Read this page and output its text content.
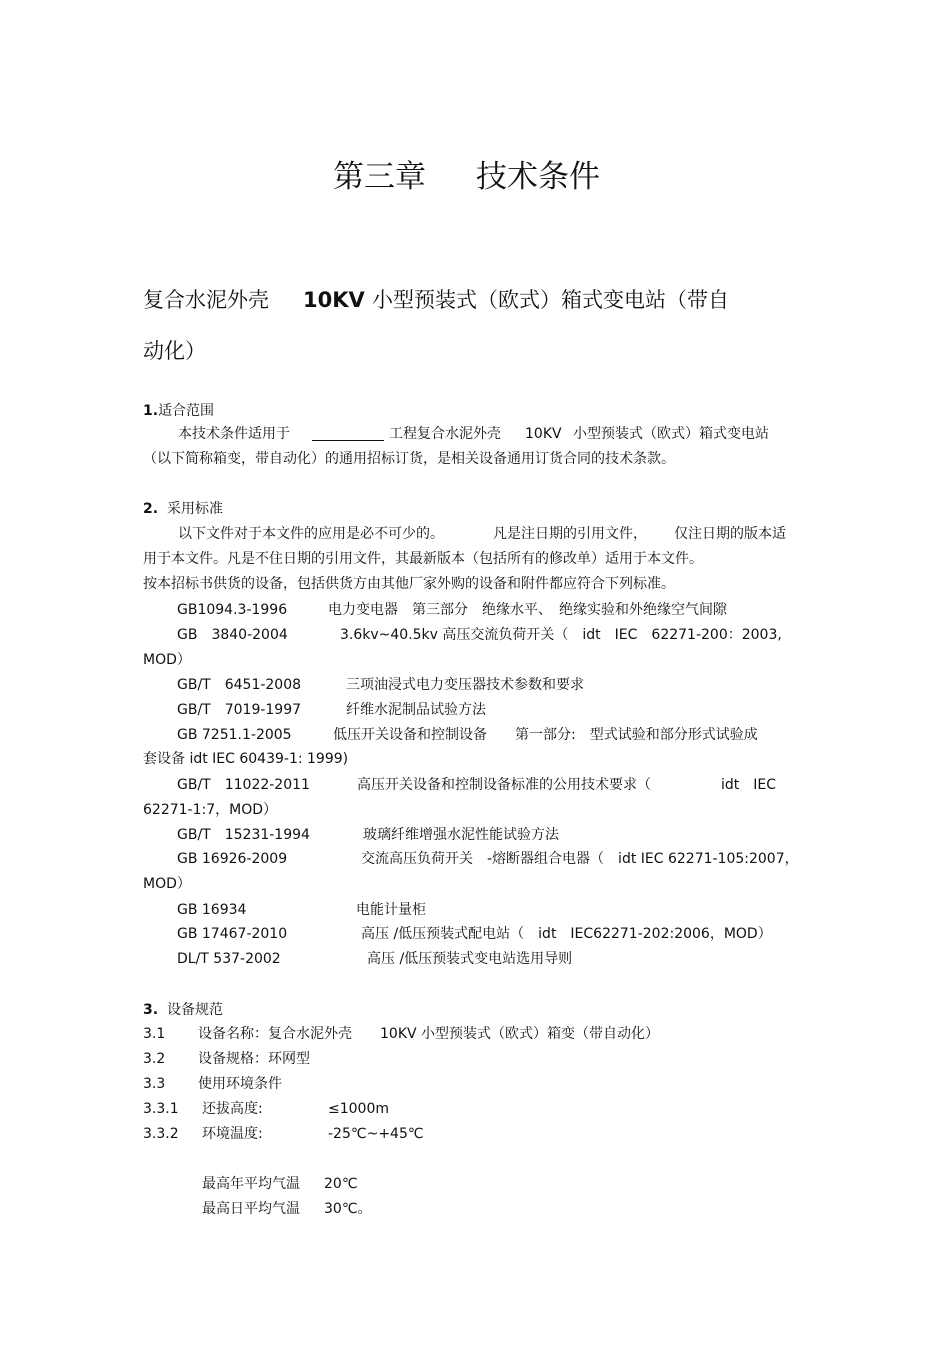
第三章 技术条件
复合水泥外壳 10KV 小型预装式（欧式）箱式变电站（带自
动化）
1.适合范围
本技术条件适用于	工程复合水泥外壳 10KV 小型预装式（欧式）箱式变电站
（以下简称箱变，带自动化）的通用招标订货，是相关设备通用订货合同的技术条款。
2. 采用标准
以下文件对于本文件的应用是必不可少的。	凡是注日期的引用文件， 仅注日期的版本适
用于本文件。凡是不住日期的引用文件，其最新版本（包括所有的修改单）适用于本文件。
按本招标书供货的设备，包括供货方由其他厂家外购的设备和附件都应符合下列标准。
GB1094.3-1996	电力变电器　第三部分　绝缘水平、　绝缘实验和外绝缘空气间隙
GB　3840-2004	3.6kv~40.5kv 高压交流负荷开关（　idt　IEC　62271-200：2003,
MOD）
GB/T　6451-2008	三项油浸式电力变压器技术参数和要求
GB/T　7019-1997	纤维水泥制品试验方法
GB 7251.1-2005	低压开关设备和控制设备　　第一部分:　型式试验和部分形式试验成
套设备 idt IEC 60439-1: 1999)
GB/T　11022-2011	高压开关设备和控制设备标准的公用技术要求（　　　　　idt　IEC
62271-1:7，MOD）
GB/T　15231-1994	玻璃纤维增强水泥性能试验方法
GB 16926-2009	交流高压负荷开关　-熔断器组合电器（　idt IEC 62271-105:2007，
MOD）
GB 16934	电能计量柜
GB 17467-2010	高压 /低压预装式配电站（　idt　IEC62271-202:2006，MOD）
DL/T 537-2002	高压 /低压预装式变电站选用导则
3. 设备规范
3.1 设备名称：复合水泥外壳　　10KV 小型预装式（欧式）箱变（带自动化）
3.2 设备规格：环网型
3.3 使用环境条件
3.3.1 还拔高度:	≤1000m
3.3.2 环境温度:	-25℃~+45℃
最高年平均气温 20℃
最高日平均气温 30℃。
